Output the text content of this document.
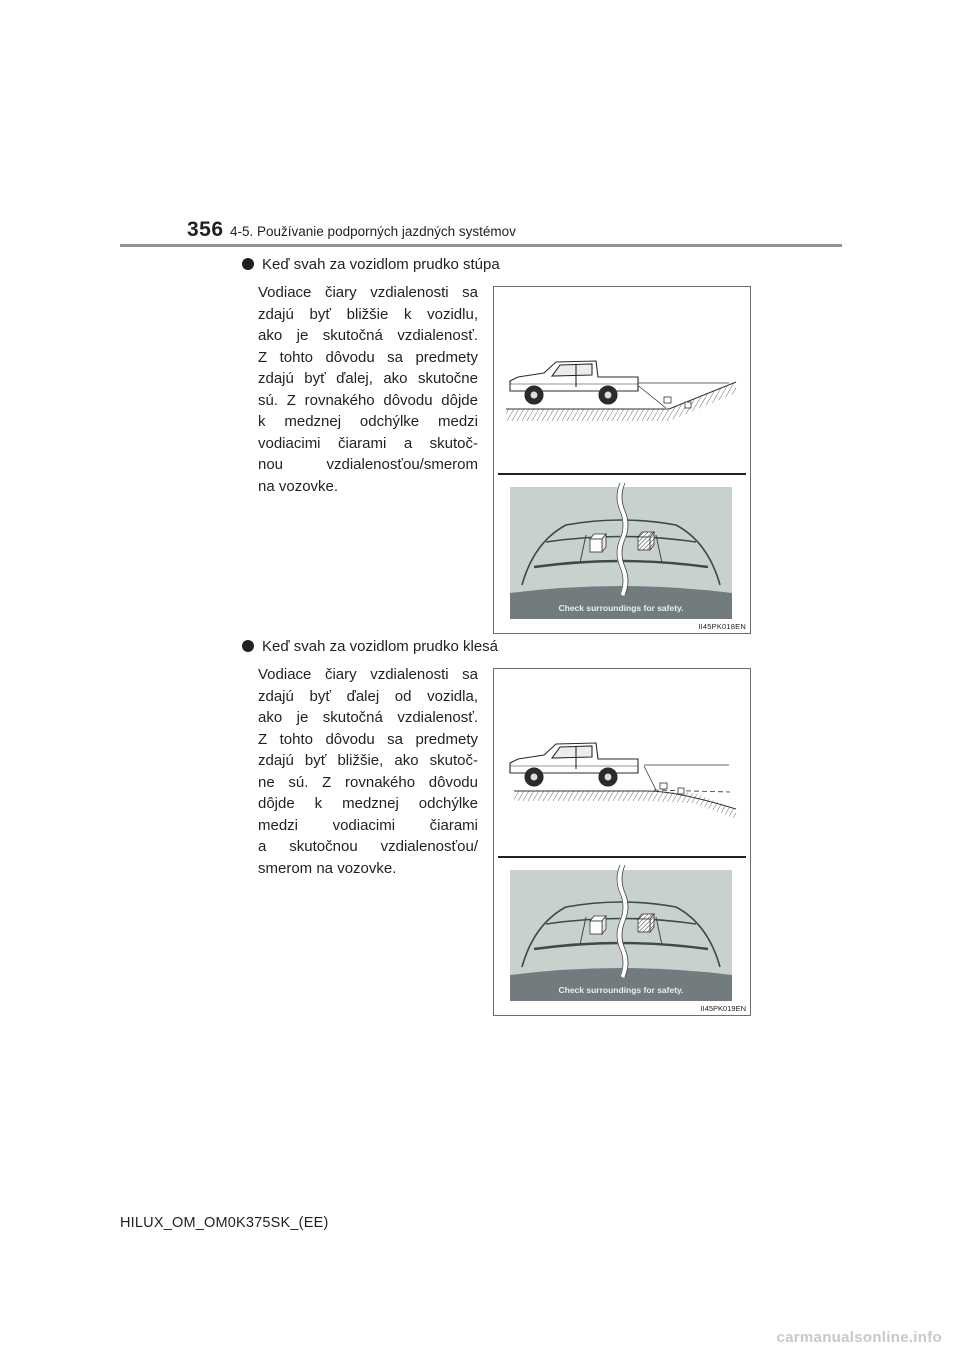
356 4-5. Používanie podporných jazdných systémov
Keď svah za vozidlom prudko stúpa
Vodiace čiary vzdialenosti sa
zdajú byť bližšie k vozidlu,
ako je skutočná vzdialenosť.
Z tohto dôvodu sa predmety
zdajú byť ďalej, ako skutočne
sú. Z rovnakého dôvodu dôjde
k medznej odchýlke medzi
vodiacimi čiarami a skutoč-
nou vzdialenosťou/smerom
na vozovke.
Check surroundings for safety.
II45PK018EN
Keď svah za vozidlom prudko klesá
Vodiace čiary vzdialenosti sa
zdajú byť ďalej od vozidla,
ako je skutočná vzdialenosť.
Z tohto dôvodu sa predmety
zdajú byť bližšie, ako skutoč-
ne sú. Z rovnakého dôvodu
dôjde k medznej odchýlke
medzi vodiacimi čiarami
a skutočnou vzdialenosťou/
smerom na vozovke.
Check surroundings for safety.
II45PK019EN
HILUX_OM_OM0K375SK_(EE)
carmanualsonline.info
